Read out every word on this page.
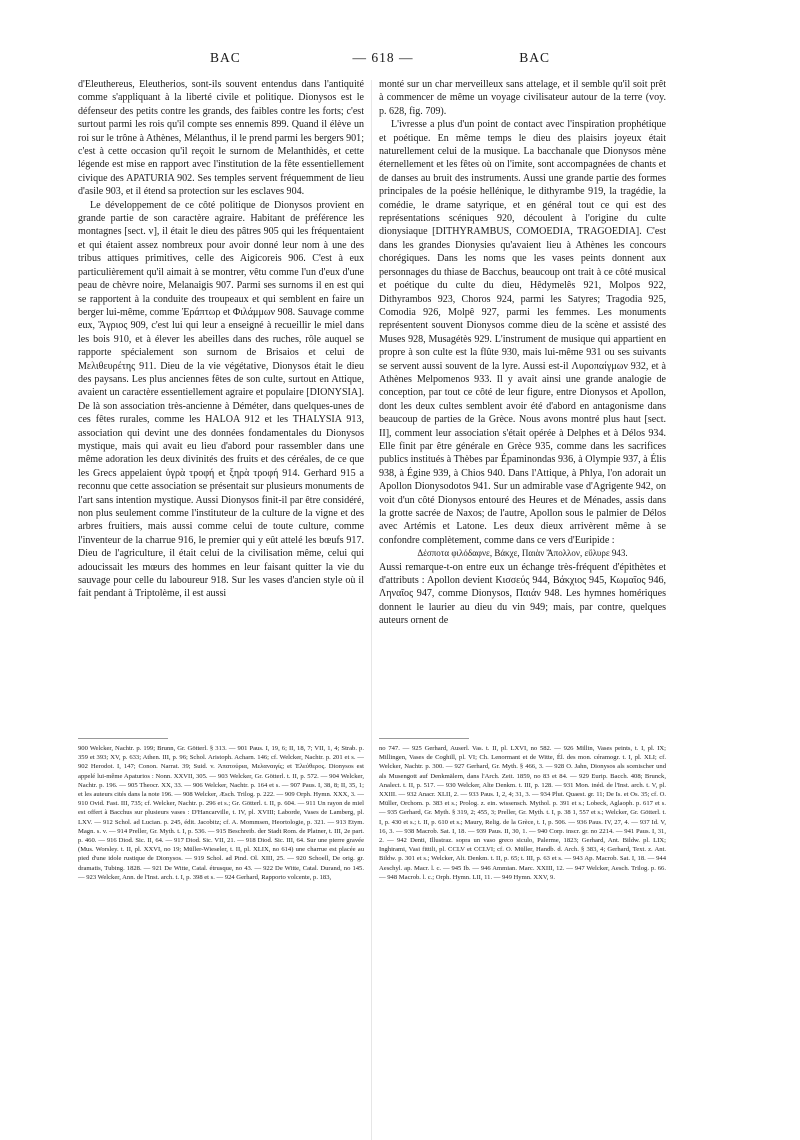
BAC	— 618 —	BAC

d'Eleuthereus, Eleutherios, sont-ils souvent entendus dans l'antiquité comme s'appliquant à la liberté civile et politique. Dionysos est le défenseur des petits contre les grands, des faibles contre les forts; c'est surtout parmi les rois qu'il compte ses ennemis 899. Quand il élève un roi sur le trône à Athènes, Mélanthus, il le prend parmi les bergers 901; c'est à cette occasion qu'il reçoit le surnom de Melanthidès, et cette légende est mise en rapport avec l'institution de la fête essentiellement civique des APATURIA 902. Ses temples servent fréquemment de lieu d'asile 903, et il étend sa protection sur les esclaves 904.

Le développement de ce côté politique de Dionysos provient en grande partie de son caractère agraire. Habitant de préférence les montagnes [sect. v], il était le dieu des pâtres 905 qui les fréquentaient et qui étaient assez nombreux pour avoir donné leur nom à une des tribus attiques primitives, celle des Aigicoreis 906. C'est à eux particulièrement qu'il aimait à se montrer, vêtu comme l'un d'eux d'une peau de chèvre noire, Melanaigis 907. Parmi ses surnoms il en est qui se rapportent à la conduite des troupeaux et qui semblent en faire un berger lui-même, comme Ἐράπτωρ et Φιλάμμων 908. Sauvage comme eux, Ἄγριος 909, c'est lui qui leur a enseigné à recueillir le miel dans les bois 910, et à élever les abeilles dans des ruches, rôle auquel se rapporte spécialement son surnom de Brisaios et celui de Μελιθευρέτης 911. Dieu de la vie végétative, Dionysos était le dieu des paysans. Les plus anciennes fêtes de son culte, surtout en Attique, avaient un caractère essentiellement agraire et populaire [DIONYSIA]. De là son association très-ancienne à Déméter, dans quelques-unes de ces fêtes rurales, comme les HALOA 912 et les THALYSIA 913, association qui devint une des données fondamentales du Dionysos mystique, mais qui avait eu lieu d'abord pour rassembler dans une même adoration les deux divinités des fruits et des céréales, de ce que les Grecs appelaient ὑγρὰ τροφή et ξηρὰ τροφή 914. Gerhard 915 a reconnu que cette association se présentait sur plusieurs monuments de l'art sans intention mystique. Aussi Dionysos finit-il par être considéré, non plus seulement comme l'instituteur de la culture de la vigne et des arbres fruitiers, mais aussi comme celui de toute culture, comme l'inventeur de la charrue 916, le premier qui y eût attelé les bœufs 917. Dieu de l'agriculture, il était celui de la civilisation même, celui qui adoucissait les mœurs des hommes en leur faisant quitter la vie du sauvage pour celle du laboureur 918. Sur les vases d'ancien style où il fait pendant à Triptolème, il est aussi

monté sur un char merveilleux sans attelage, et il semble qu'il soit prêt à commencer de même un voyage civilisateur autour de la terre (voy. p. 628, fig. 709).

L'ivresse a plus d'un point de contact avec l'inspiration prophétique et poétique. En même temps le dieu des plaisirs joyeux était naturellement celui de la musique. La bacchanale que Dionysos mène éternellement et les fêtes où on l'imite, sont accompagnées de chants et de danses au bruit des instruments. Aussi une grande partie des formes principales de la poésie hellénique, le dithyrambe 919, la tragédie, la comédie, le drame satyrique, et en général tout ce qui est des représentations scéniques 920, découlent à l'origine du culte dionysiaque [DITHYRAMBUS, COMOEDIA, TRAGOEDIA]. C'est dans les grandes Dionysies qu'avaient lieu à Athènes les concours chorégiques. Dans les noms que les vases peints donnent aux personnages du thiase de Bacchus, beaucoup ont trait à ce côté musical et poétique du culte du dieu, Hêdymelês 921, Molpos 922, Dithyrambos 923, Choros 924, parmi les Satyres; Tragodia 925, Comodia 926, Molpê 927, parmi les femmes. Les monuments représentent souvent Dionysos comme dieu de la scène et assisté des Muses 928, Musagétès 929. L'instrument de musique qui appartient en propre à son culte est la flûte 930, mais lui-même 931 ou ses suivants se servent aussi souvent de la lyre. Aussi est-il Λυροπαίγμων 932, et à Athènes Melpomenos 933. Il y avait ainsi une grande analogie de conception, par tout ce côté de leur figure, entre Dionysos et Apollon, dont les deux cultes semblent avoir été d'abord en antagonisme dans beaucoup de parties de la Grèce. Nous avons montré plus haut [sect. II], comment leur association s'était opérée à Delphes et à Délos 934. Elle finit par être générale en Grèce 935, comme dans les sacrifices publics institués à Thèbes par Épaminondas 936, à Olympie 937, à Élis 938, à Égine 939, à Chios 940. Dans l'Attique, à Phlya, l'on adorait un Apollon Dionysodotos 941. Sur un admirable vase d'Agrigente 942, on voit d'un côté Dionysos entouré des Heures et de Ménades, assis dans la grotte sacrée de Naxos; de l'autre, Apollon sous le palmier de Délos avec Artémis et Latone. Les deux dieux arrivèrent même à se confondre complètement, comme dans ce vers d'Euripide :

Δέσποτα φιλόδαφνε, Βάκχε, Παιὰν Ἄπολλον, εὔλυρε 943.

Aussi remarque-t-on entre eux un échange très-fréquent d'épithètes et d'attributs : Apollon devient Κισσεύς 944, Βάκχιος 945, Κωμαῖος 946, Ληναῖος 947, comme Dionysos, Παιάν 948. Les hymnes homériques donnent le laurier au dieu du vin 949; mais, par contre, quelques auteurs ornent de

900 Welcker, Nachtr. p. 199; Brunn, Gr. Götterl. § 313. — 901 Paus. I, 19, 6; II, 18, 7; VII, 1, 4; Strab. p. 359 et 393; XV, p. 633; Athen. III, p. 96; Schol. Aristoph. Acharn. 146; cf. Welcker, Nachtr. p. 201 et s. — 902 Herodot. I, 147; Conon. Narrat. 39; Suid. v. Ἀπατούρια, Μελαναιγίς; et Ἐλεύθερος. Dionysos est appelé lui-même Apaturios : Nonn. XXVII, 305. — 903 Welcker, Gr. Götterl. t. II, p. 572. — 904 Welcker, Nachtr. p. 196. — 905 Theocr. XX, 33. — 906 Welcker, Nachtr. p. 164 et s. — 907 Paus. I, 38, 8; II, 35, 1; et les auteurs cités dans la note 196. — 908 Welcker, Æsch. Trilog. p. 222. — 909 Orph. Hymn. XXX, 3. — 910 Ovid. Fast. III, 735; cf. Welcker, Nachtr. p. 296 et s.; Gr. Götterl. t. II, p. 604. — 911 Un rayon de miel est offert à Bacchus sur plusieurs vases : D'Hancarville, t. IV, pl. XVIII; Laborde, Vases de Lamberg, pl. LXV. — 912 Schol. ad Lucian. p. 245, édit. Jacobitz; cf. A. Mommsen, Heortologie, p. 321. — 913 Etym. Magn. s. v. — 914 Preller, Gr. Myth. t. I, p. 536. — 915 Beschreib. der Stadt Rom. de Platner, t. III, 2e part. p. 460. — 916 Diod. Sic. II, 64. — 917 Diod. Sic. VII, 21. — 918 Diod. Sic. III, 64. Sur une pierre gravée (Mus. Worsley. t. II, pl. XXVI, no 19; Müller-Wieseler, t. II, pl. XLIX, no 614) une charrue est placée au pied d'une idole rustique de Dionysos. — 919 Schol. ad Pind. Ol. XIII, 25. — 920 Schoell, De orig. gr. dramatis, Tubing. 1828. — 921 De Witte, Catal. étrusque, no 43. — 922 De Witte, Catal. Durand, no 145. — 923 Welcker, Ann. de l'Inst. arch. t. I, p. 398 et s. — 924 Gerhard, Rapporto volcente, p. 183,
no 747. — 925 Gerhard, Auserl. Vas. t. II, pl. LXVI, no 582. — 926 Millin, Vases peints, t. I, pl. IX; Millingen, Vases de Coghill, pl. VI; Ch. Lenormant et de Witte, Él. des mon. céramogr. t. I, pl. XLI; cf. Welcker, Nachtr. p. 300. — 927 Gerhard, Gr. Myth. § 466, 3. — 928 O. Jahn, Dionysos als scenischer und als Musengott auf Denkmälern, dans l'Arch. Zeit. 1859, no 83 et 84. — 929 Eurip. Bacch. 408; Brunck, Analect. t. II, p. 517. — 930 Welcker, Alte Denkm. t. III, p. 128. — 931 Mon. inéd. de l'Inst. arch. t. V, pl. XXIII. — 932 Anacr. XLII, 2. — 933 Paus. I, 2, 4; 31, 3. — 934 Plut. Quaest. gr. 11; De Is. et Os. 35; cf. O. Müller, Orchom. p. 383 et s.; Prolog. z. ein. wissensch. Mythol. p. 391 et s.; Lobeck, Aglaoph. p. 617 et s. — 935 Gerhard, Gr. Myth. § 319, 2; 455, 3; Preller, Gr. Myth. t. I, p. 38 1, 557 et s.; Welcker, Gr. Götterl. t. I, p. 430 et s.; t. II, p. 610 et s.; Maury, Relig. de la Grèce, t. I, p. 506. — 936 Paus. IV, 27, 4. — 937 Id. V, 16, 3. — 938 Macrob. Sat. I, 18. — 939 Paus. II, 30, 1. — 940 Corp. inscr. gr. no 2214. — 941 Paus. I, 31, 2. — 942 Denti, Illustraz. sopra un vaso greco siculo, Palerme, 1823; Gerhard, Ant. Bildw. pl. LIX; Inghirami, Vasi fittili, pl. CCLV et CCLVI; cf. O. Müller, Handb. d. Arch. § 383, 4; Gerhard, Text. z. Ant. Bildw. p. 301 et s.; Welcker, Alt. Denkm. t. II, p. 65; t. III, p. 63 et s. — 943 Ap. Macrob. Sat. I, 18. — 944 Aeschyl. ap. Macr. l. c. — 945 Ib. — 946 Ammian. Marc. XXIII, 12. — 947 Welcker, Aesch. Trilog. p. 66. — 948 Macrob. l. c.; Orph. Hymn. LII, 11. — 949 Hymn. XXV, 9.
